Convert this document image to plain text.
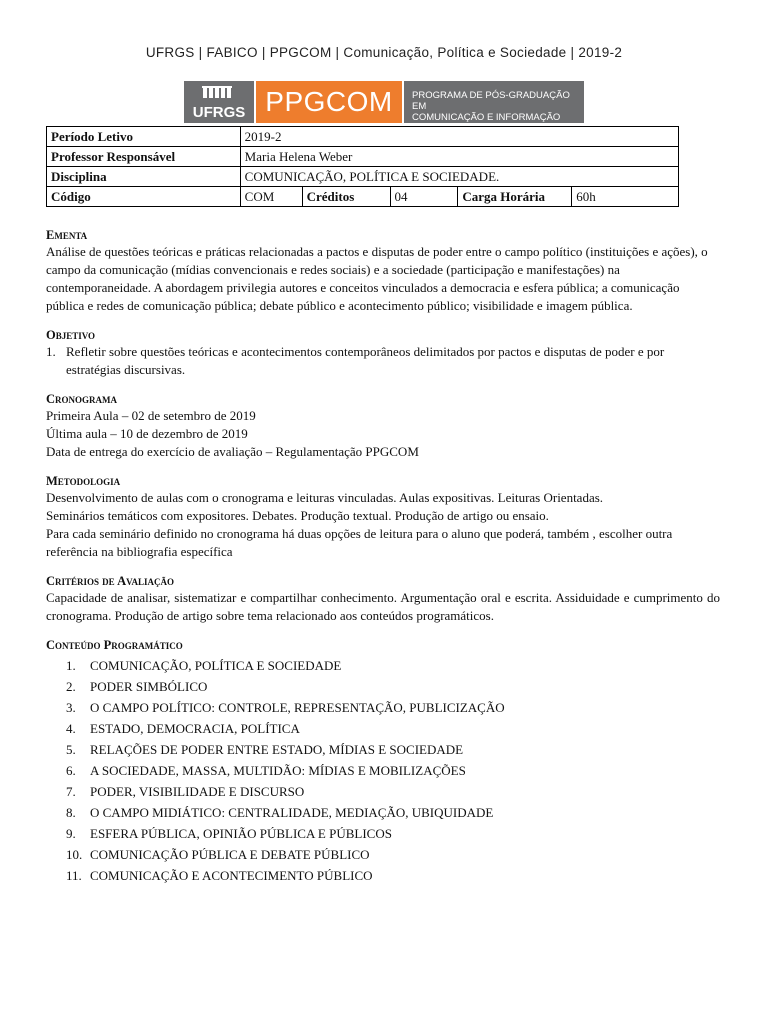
UFRGS | FABICO | PPGCOM | Comunicação, Política e Sociedade | 2019-2
UFRGS PPGCOM	PROGRAMA DE PÓS-GRADUAÇÃO EM
COMUNICAÇÃO E INFORMAÇÃO
Período Letivo	2019-2				
Professor Responsável	Maria Helena Weber				
Disciplina	COMUNICAÇÃO, POLÍTICA E SOCIEDADE.				
Código	COM	Créditos	04	Carga Horária	60h
Ementa

Análise de questões teóricas e práticas relacionadas a pactos e disputas de poder entre o campo político (instituições e ações), o campo da comunicação (mídias convencionais e redes sociais) e a sociedade (participação e manifestações) na contemporaneidade. A abordagem privilegia autores e conceitos vinculados a democracia e esfera pública; a comunicação pública e redes de comunicação pública; debate público e acontecimento público; visibilidade e imagem pública.

Objetivo
1. Refletir sobre questões teóricas e acontecimentos contemporâneos delimitados por pactos e disputas de poder e por estratégias discursivas.
Cronograma
Primeira Aula – 02 de setembro de 2019
Última aula – 10 de dezembro de 2019
Data de entrega do exercício de avaliação – Regulamentação PPGCOM
Metodologia
Desenvolvimento de aulas com o cronograma e leituras vinculadas. Aulas expositivas. Leituras Orientadas.
Seminários temáticos com expositores. Debates. Produção textual. Produção de artigo ou ensaio.
Para cada seminário definido no cronograma há duas opções de leitura para o aluno que poderá, também , escolher outra referência na bibliografia específica
Critérios de Avaliação

Capacidade de analisar, sistematizar e compartilhar conhecimento. Argumentação oral e escrita. Assiduidade e cumprimento do cronograma. Produção de artigo sobre tema relacionado aos conteúdos programáticos.

Conteúdo Programático
1.	COMUNICAÇÃO, POLÍTICA E SOCIEDADE
2.	PODER SIMBÓLICO
3.	O CAMPO POLÍTICO: CONTROLE, REPRESENTAÇÃO, PUBLICIZAÇÃO
4.	ESTADO, DEMOCRACIA, POLÍTICA
5.	RELAÇÕES DE PODER ENTRE ESTADO, MÍDIAS E SOCIEDADE
6.	A SOCIEDADE, MASSA, MULTIDÃO: MÍDIAS E MOBILIZAÇÕES
7.	PODER, VISIBILIDADE E DISCURSO
8.	O CAMPO MIDIÁTICO: CENTRALIDADE, MEDIAÇÃO, UBIQUIDADE
9.	ESFERA PÚBLICA, OPINIÃO PÚBLICA E PÚBLICOS
10. COMUNICAÇÃO PÚBLICA E DEBATE PÚBLICO
11. COMUNICAÇÃO E ACONTECIMENTO PÚBLICO
